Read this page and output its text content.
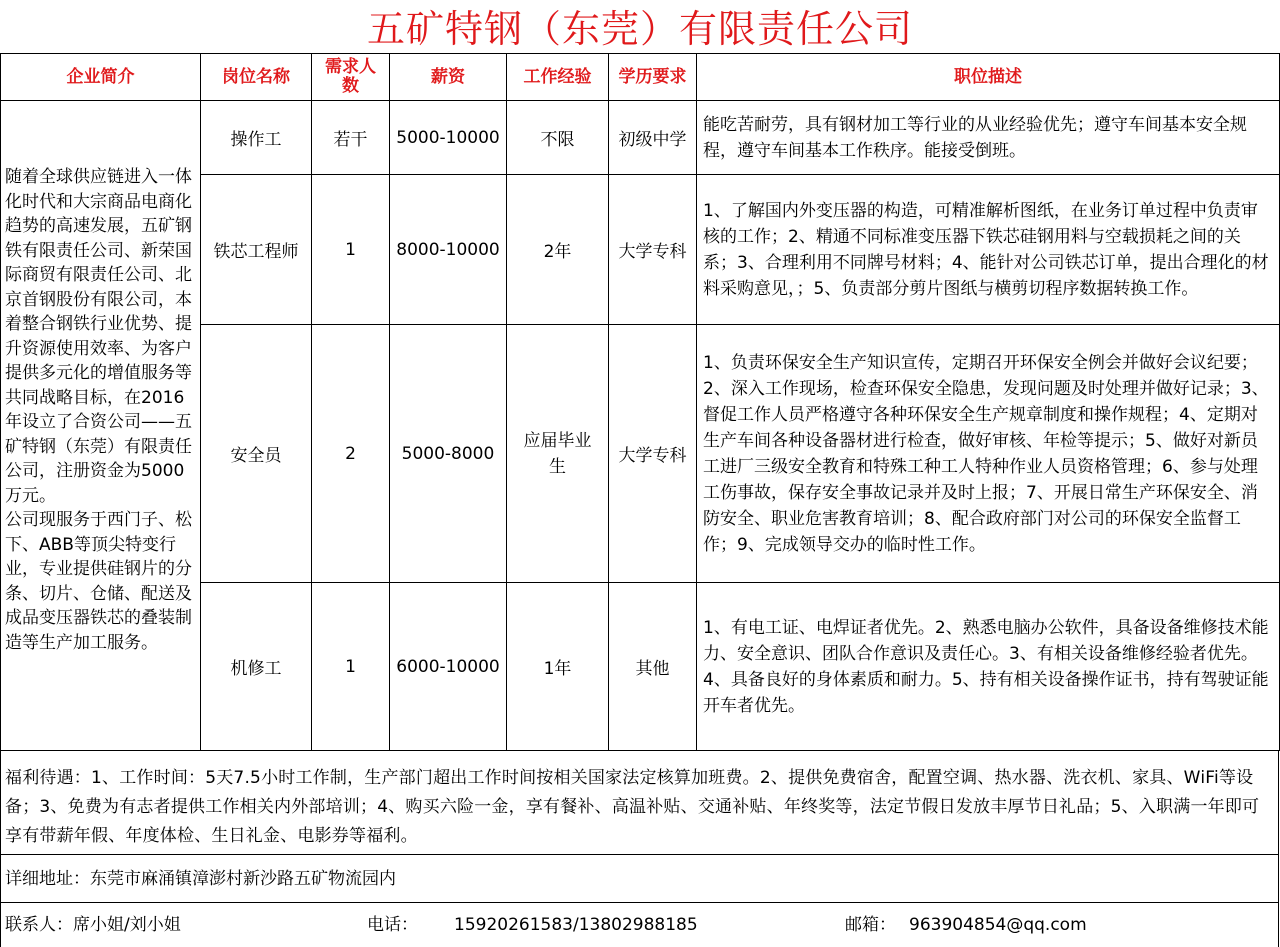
五矿特钢（东莞）有限责任公司
企业简介	岗位名称	需求人数	薪资	工作经验	学历要求	职位描述
随着全球供应链进入一体化时代和大宗商品电商化趋势的高速发展，五矿钢铁有限责任公司、新荣国际商贸有限责任公司、北京首钢股份有限公司，本着整合钢铁行业优势、提升资源使用效率、为客户提供多元化的增值服务等共同战略目标，在2016年设立了合资公司——五矿特钢（东莞）有限责任公司，注册资金为5000万元。
公司现服务于西门子、松下、ABB等顶尖特变行业，专业提供硅钢片的分条、切片、仓储、配送及成品变压器铁芯的叠装制造等生产加工服务。	操作工	若干	5000-10000	不限	初级中学	能吃苦耐劳，具有钢材加工等行业的从业经验优先；遵守车间基本安全规程，遵守车间基本工作秩序。能接受倒班。
	铁芯工程师	1	8000-10000	2年	大学专科	1、了解国内外变压器的构造，可精准解析图纸，在业务订单过程中负责审核的工作；2、精通不同标准变压器下铁芯硅钢用料与空载损耗之间的关系；3、合理利用不同牌号材料；4、能针对公司铁芯订单，提出合理化的材料采购意见，；5、负责部分剪片图纸与横剪切程序数据转换工作。
	安全员	2	5000-8000	应届毕业生	大学专科	1、负责环保安全生产知识宣传，定期召开环保安全例会并做好会议纪要；2、深入工作现场，检查环保安全隐患，发现问题及时处理并做好记录；3、督促工作人员严格遵守各种环保安全生产规章制度和操作规程；4、定期对生产车间各种设备器材进行检查，做好审核、年检等提示；5、做好对新员工进厂三级安全教育和特殊工种工人特种作业人员资格管理；6、参与处理工伤事故，保存安全事故记录并及时上报；7、开展日常生产环保安全、消防安全、职业危害教育培训；8、配合政府部门对公司的环保安全监督工作；9、完成领导交办的临时性工作。
	机修工	1	6000-10000	1年	其他	1、有电工证、电焊证者优先。2、熟悉电脑办公软件，具备设备维修技术能力、安全意识、团队合作意识及责任心。3、有相关设备维修经验者优先。4、具备良好的身体素质和耐力。5、持有相关设备操作证书，持有驾驶证能开车者优先。
福利待遇：1、工作时间：5天7.5小时工作制，生产部门超出工作时间按相关国家法定核算加班费。2、提供免费宿舍，配置空调、热水器、洗衣机、家具、WiFi等设备；3、免费为有志者提供工作相关内外部培训；4、购买六险一金，享有餐补、高温补贴、交通补贴、年终奖等，法定节假日发放丰厚节日礼品；5、入职满一年即可享有带薪年假、年度体检、生日礼金、电影券等福利。
详细地址：东莞市麻涌镇漳澎村新沙路五矿物流园内
联系人：席小姐/刘小姐	电话： 15920261583/13802988185	邮箱： 963904854@qq.com
